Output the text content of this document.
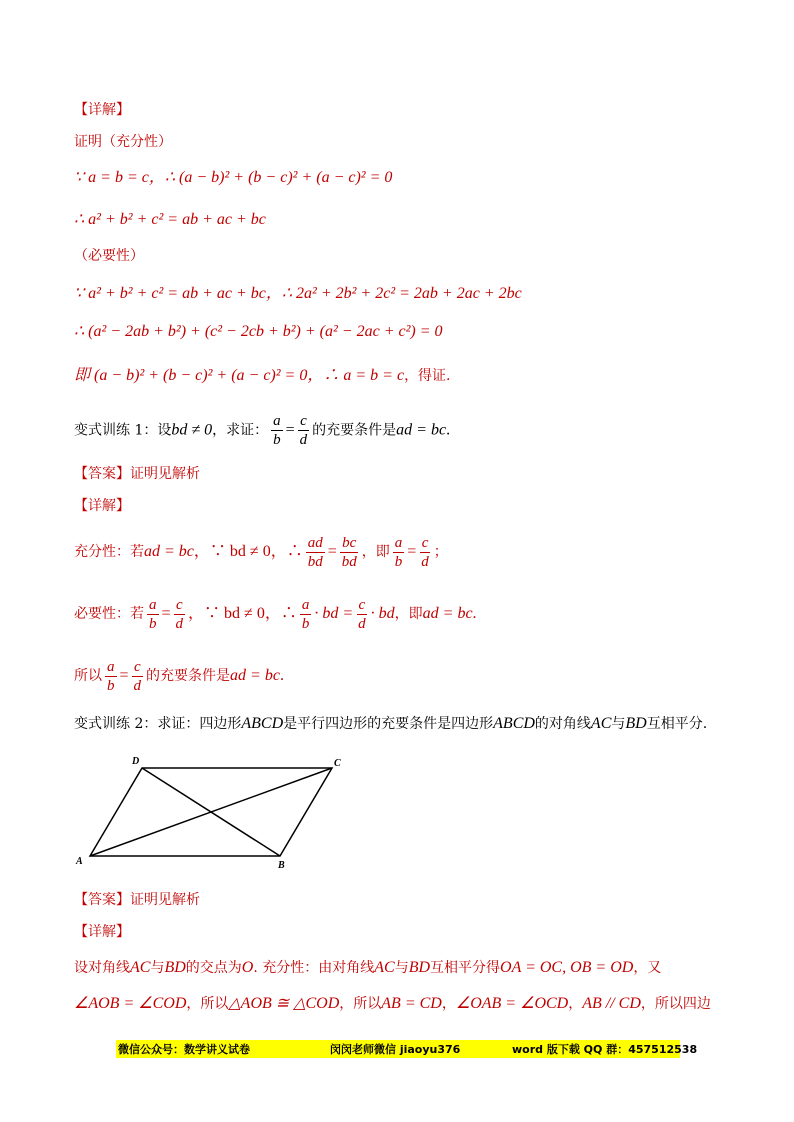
【详解】
证明（充分性）
∵ a = b = c，∴ (a − b)² + (b − c)² + (a − c)² = 0
∴ a² + b² + c² = ab + ac + bc
（必要性）
∵ a² + b² + c² = ab + ac + bc，∴ 2a² + 2b² + 2c² = 2ab + 2ac + 2bc
∴ (a² − 2ab + b²) + (c² − 2cb + b²) + (a² − 2ac + c²) = 0
即 (a − b)² + (b − c)² + (a − c)² = 0，∴ a = b = c，得证.
变式训练 1：设bd ≠ 0，求证： $\frac{a}{b} = \frac{c}{d}$ 的充要条件是ad = bc.
【答案】证明见解析
【详解】
充分性：若ad = bc，∵ bd ≠ 0，∴ $\frac{ad}{bd} = \frac{bc}{bd}$ ，即 $\frac{a}{b} = \frac{c}{d}$ ；
必要性：若 $\frac{a}{b} = \frac{c}{d}$ ，∵ bd ≠ 0，∴ $\frac{a}{b}$ · bd = $\frac{c}{d}$ · bd，即ad = bc.
所以 $\frac{a}{b} = \frac{c}{d}$ 的充要条件是ad = bc.
变式训练 2：求证：四边形ABCD是平行四边形的充要条件是四边形ABCD的对角线AC与BD互相平分.
A	B
C
D
【答案】证明见解析
【详解】
设对角线AC与BD的交点为O. 充分性：由对角线AC与BD互相平分得OA = OC, OB = OD，又
∠AOB = ∠COD，所以△AOB ≅ △COD，所以AB = CD，∠OAB = ∠OCD，AB // CD，所以四边
微信公众号：数学讲义试卷	闵闵老师微信 jiaoyu376	word 版下载 QQ 群：457512538
